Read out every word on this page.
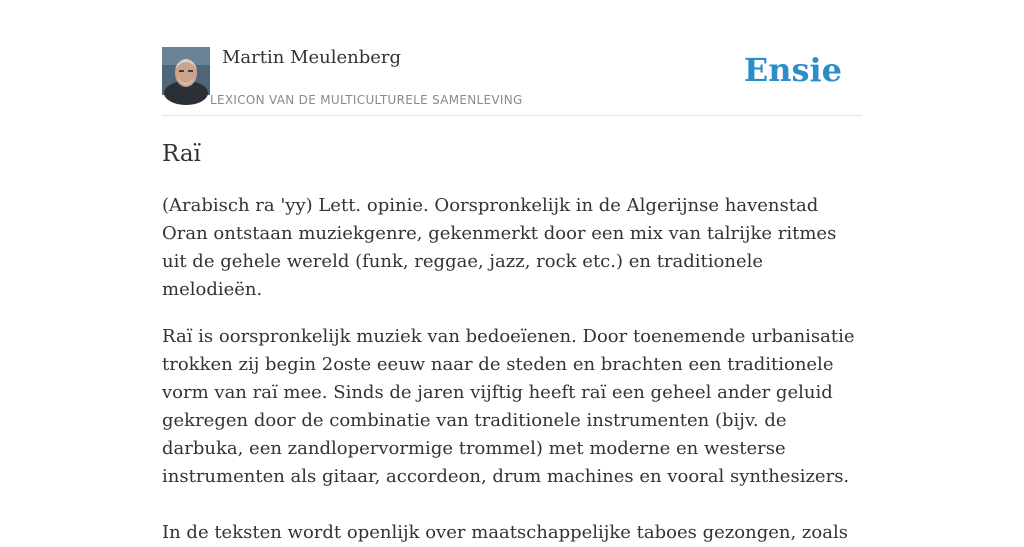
Martin Meulenberg
LEXICON VAN DE MULTICULTURELE SAMENLEVING
Ensie
Raï

(Arabisch ra 'yy) Lett. opinie. Oorspronkelijk in de Algerijnse havenstad Oran ontstaan muziekgenre, gekenmerkt door een mix van talrijke ritmes uit de gehele wereld (funk, reggae, jazz, rock etc.) en traditionele melodieën.

Raï is oorspronkelijk muziek van bedoeïenen. Door toenemende urbanisatie trokken zij begin 2oste eeuw naar de steden en brachten een traditionele vorm van raï mee. Sinds de jaren vijftig heeft raï een geheel ander geluid gekregen door de combinatie van traditionele instrumenten (bijv. de darbuka, een zandlopervormige trommel) met moderne en westerse instrumenten als gitaar, accordeon, drum machines en vooral synthesizers.

In de teksten wordt openlijk over maatschappelijke taboes gezongen, zoals
